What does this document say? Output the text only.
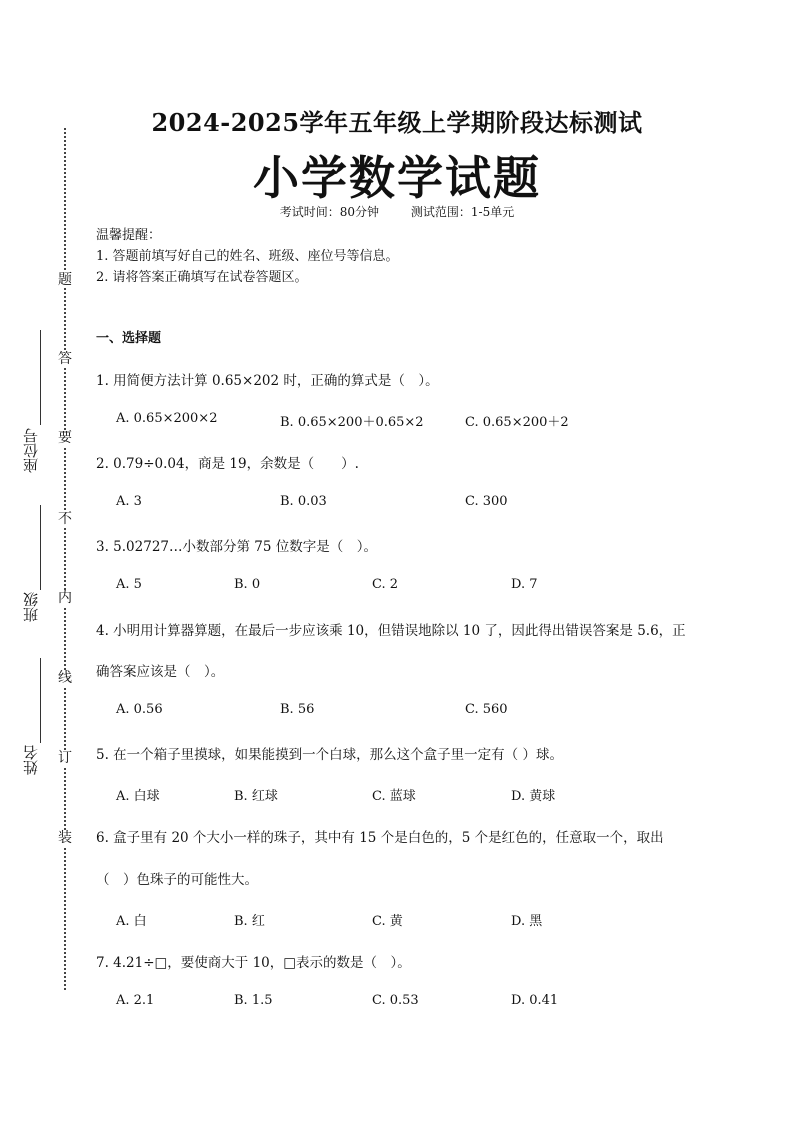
座位号
班级
姓名
题
答
要
不
内
线
订
装
2024-2025学年五年级上学期阶段达标测试
小学数学试题
考试时间：80分钟	测试范围：1-5单元
温馨提醒：
1. 答题前填写好自己的姓名、班级、座位号等信息。
2. 请将答案正确填写在试卷答题区。
一、选择题
1. 用简便方法计算 0.65×202 时，正确的算式是（　）。
A. 0.65×200×2	B. 0.65×200＋0.65×2	C. 0.65×200＋2
2. 0.79÷0.04，商是 19，余数是（　　）.
A. 3	B. 0.03	C. 300
3. 5.02727…小数部分第 75 位数字是（　）。
A. 5	B. 0	C. 2	D. 7
4. 小明用计算器算题，在最后一步应该乘 10，但错误地除以 10 了，因此得出错误答案是 5.6，正
确答案应该是（　）。
A. 0.56	B. 56	C. 560
5. 在一个箱子里摸球，如果能摸到一个白球，那么这个盒子里一定有（ ）球。
A. 白球	B. 红球	C. 蓝球	D. 黄球
6. 盒子里有 20 个大小一样的珠子，其中有 15 个是白色的，5 个是红色的，任意取一个，取出
（　）色珠子的可能性大。
A. 白	B. 红	C. 黄	D. 黑
7. 4.21÷□，要使商大于 10，□表示的数是（　）。
A. 2.1	B. 1.5	C. 0.53	D. 0.41
